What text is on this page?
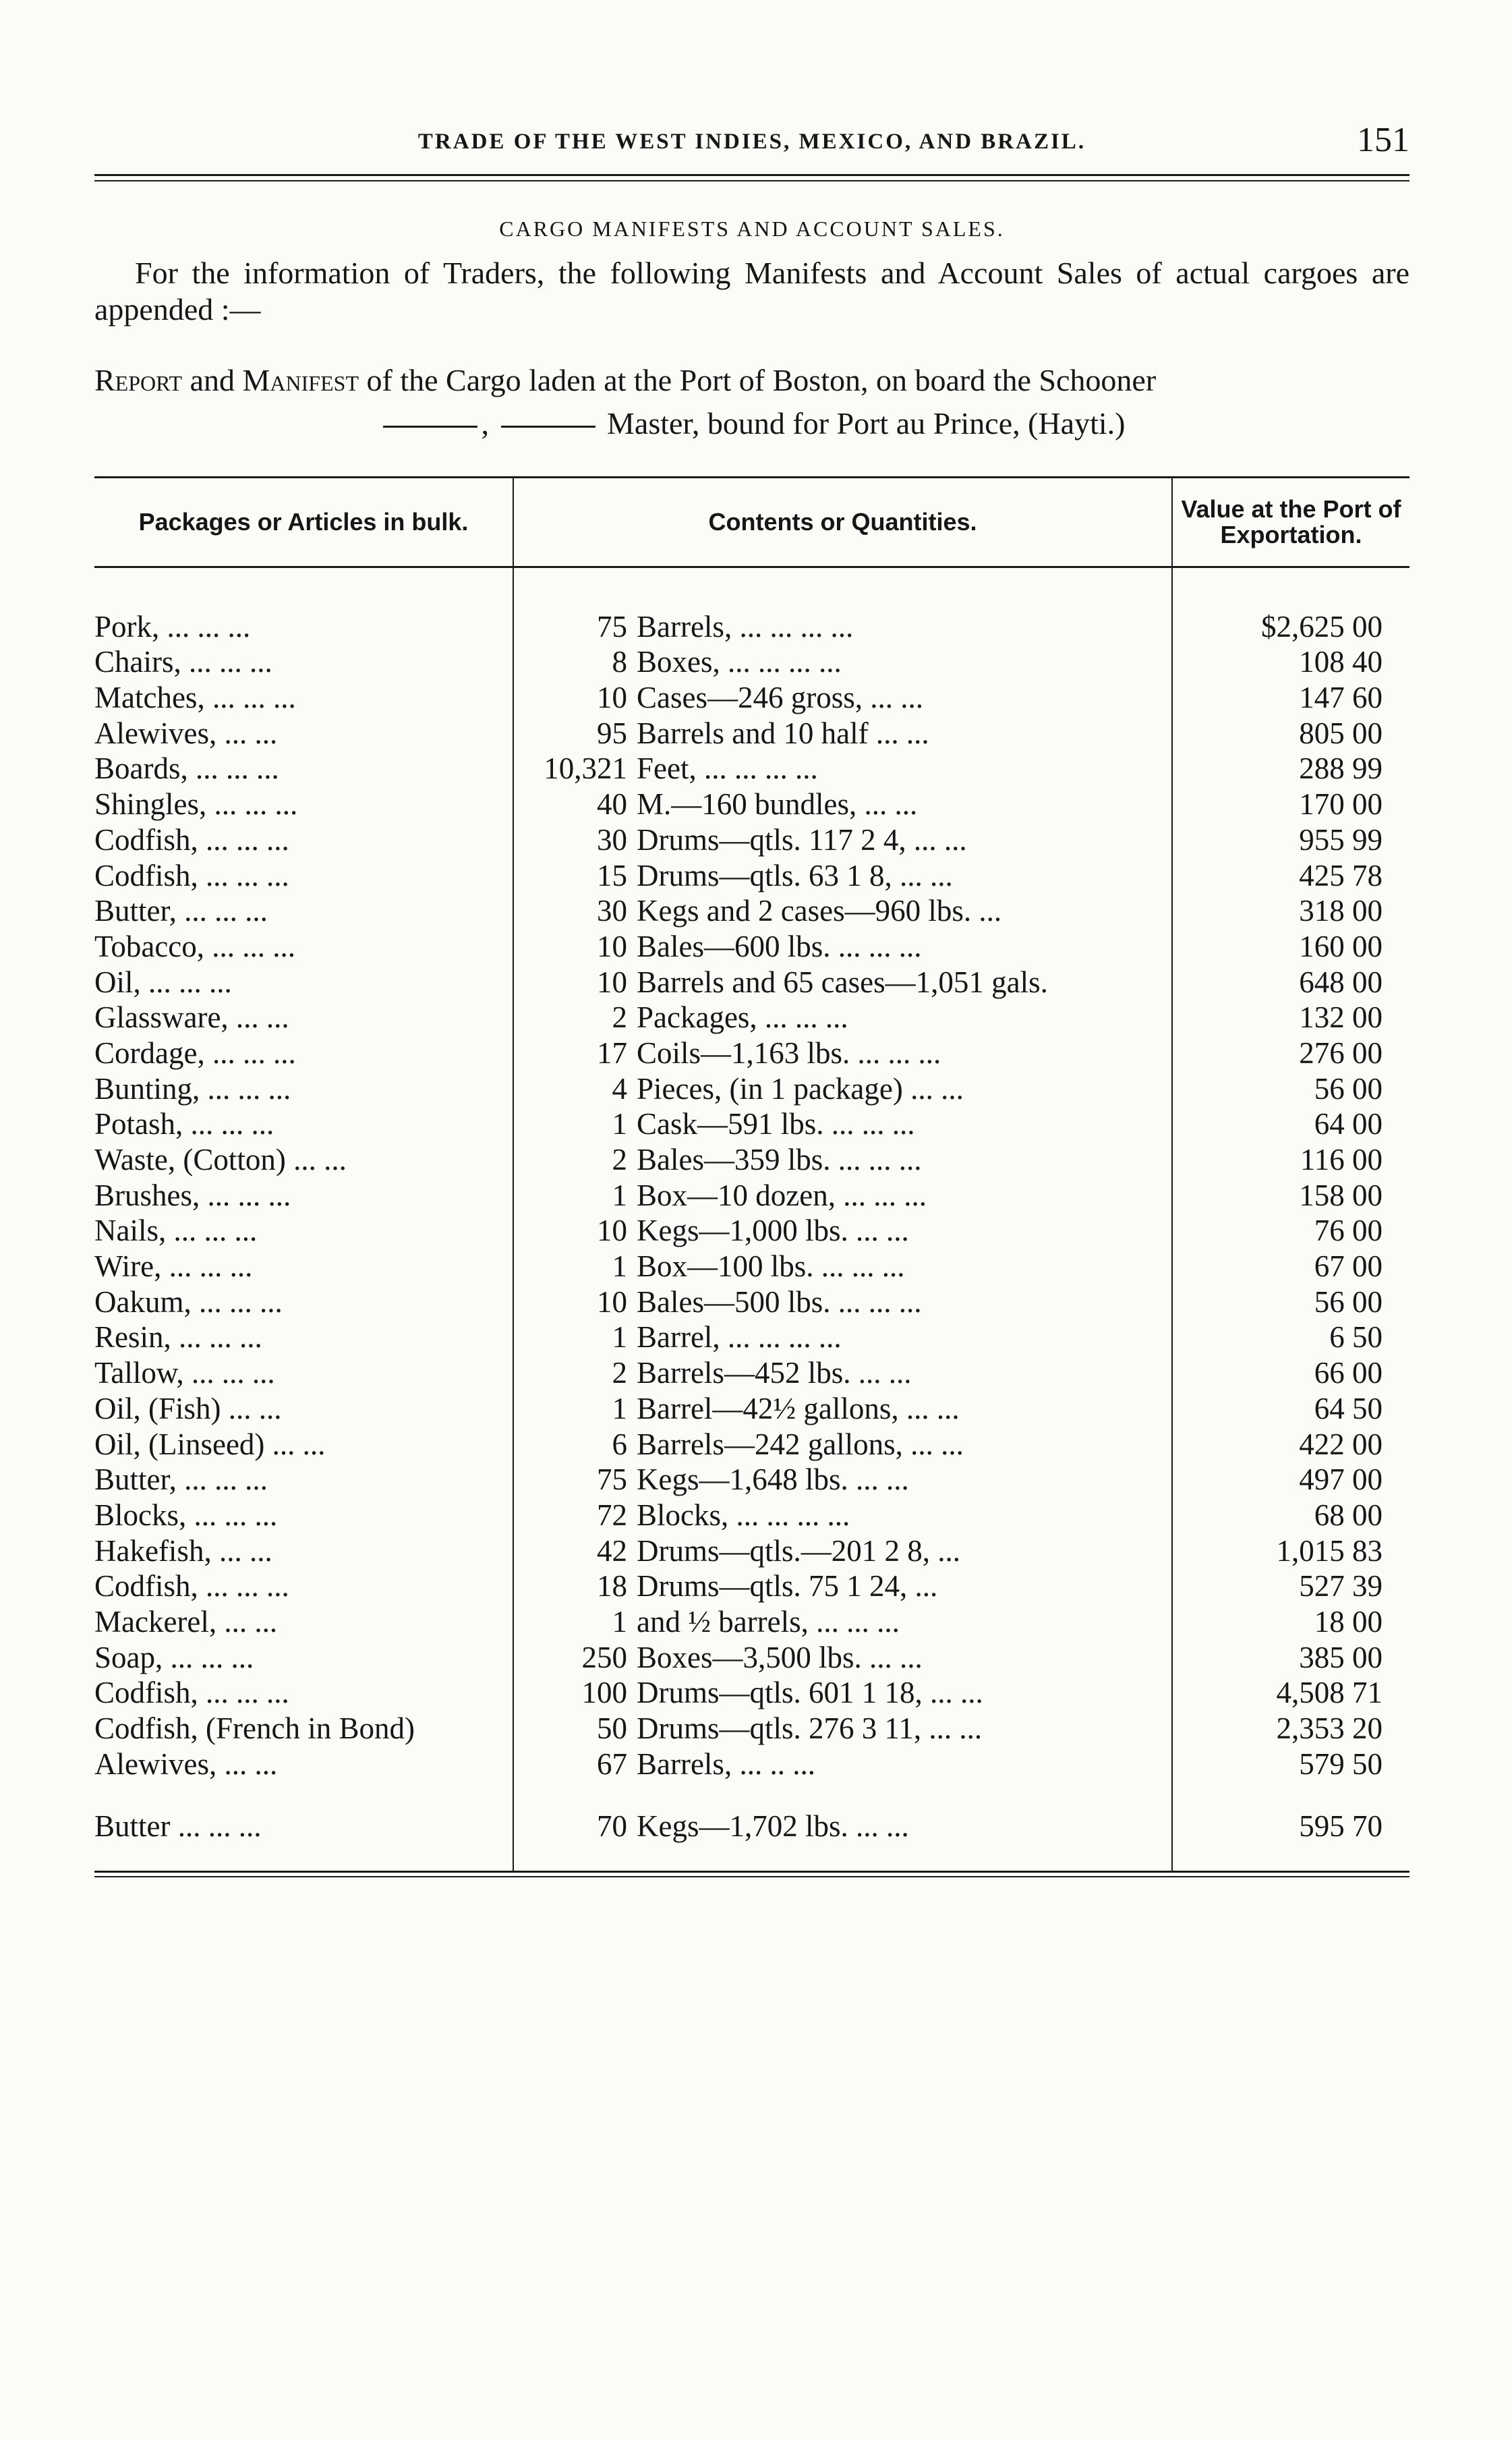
TRADE OF THE WEST INDIES, MEXICO, AND BRAZIL.	151
CARGO MANIFESTS AND ACCOUNT SALES.

For the information of Traders, the following Manifests and Account Sales of actual cargoes are appended :—

Report and Manifest of the Cargo laden at the Port of Boston, on board the Schooner
,	Master, bound for Port au Prince, (Hayti.)

Packages or Articles in bulk.	Contents or Quantities.	Value at the Port of Exportation.

Pork, ... ... ...	75 Barrels, ... ... ... ...	$2,625 00
Chairs, ... ... ...	8 Boxes, ... ... ... ...	108 40
Matches, ... ... ...	10 Cases—246 gross, ... ...	147 60
Alewives, ... ...	95 Barrels and 10 half ... ...	805 00
Boards, ... ... ...	10,321 Feet, ... ... ... ...	288 99
Shingles, ... ... ...	40 M.—160 bundles, ... ...	170 00
Codfish, ... ... ...	30 Drums—qtls. 117 2 4, ... ...	955 99
Codfish, ... ... ...	15 Drums—qtls. 63 1 8, ... ...	425 78
Butter, ... ... ...	30 Kegs and 2 cases—960 lbs. ...	318 00
Tobacco, ... ... ...	10 Bales—600 lbs. ... ... ...	160 00
Oil, ... ... ...	10 Barrels and 65 cases—1,051 gals.	648 00
Glassware, ... ...	2 Packages, ... ... ...	132 00
Cordage, ... ... ...	17 Coils—1,163 lbs. ... ... ...	276 00
Bunting, ... ... ...	4 Pieces, (in 1 package) ... ...	56 00
Potash, ... ... ...	1 Cask—591 lbs. ... ... ...	64 00
Waste, (Cotton) ... ...	2 Bales—359 lbs. ... ... ...	116 00
Brushes, ... ... ...	1 Box—10 dozen, ... ... ...	158 00
Nails, ... ... ...	10 Kegs—1,000 lbs. ... ...	76 00
Wire, ... ... ...	1 Box—100 lbs. ... ... ...	67 00
Oakum, ... ... ...	10 Bales—500 lbs. ... ... ...	56 00
Resin, ... ... ...	1 Barrel, ... ... ... ...	6 50
Tallow, ... ... ...	2 Barrels—452 lbs. ... ...	66 00
Oil, (Fish) ... ...	1 Barrel—42½ gallons, ... ...	64 50
Oil, (Linseed) ... ...	6 Barrels—242 gallons, ... ...	422 00
Butter, ... ... ...	75 Kegs—1,648 lbs. ... ...	497 00
Blocks, ... ... ...	72 Blocks, ... ... ... ...	68 00
Hakefish, ... ...	42 Drums—qtls.—201 2 8, ...	1,015 83
Codfish, ... ... ...	18 Drums—qtls. 75 1 24, ...	527 39
Mackerel, ... ...	1 and ½ barrels, ... ... ...	18 00
Soap, ... ... ...	250 Boxes—3,500 lbs. ... ...	385 00
Codfish, ... ... ...	100 Drums—qtls. 601 1 18, ... ...	4,508 71
Codfish, (French in Bond)	50 Drums—qtls. 276 3 11, ... ...	2,353 20
Alewives, ... ...	67 Barrels, ... .. ...	579 50
Butter ... ... ...	70 Kegs—1,702 lbs. ... ...	595 70
